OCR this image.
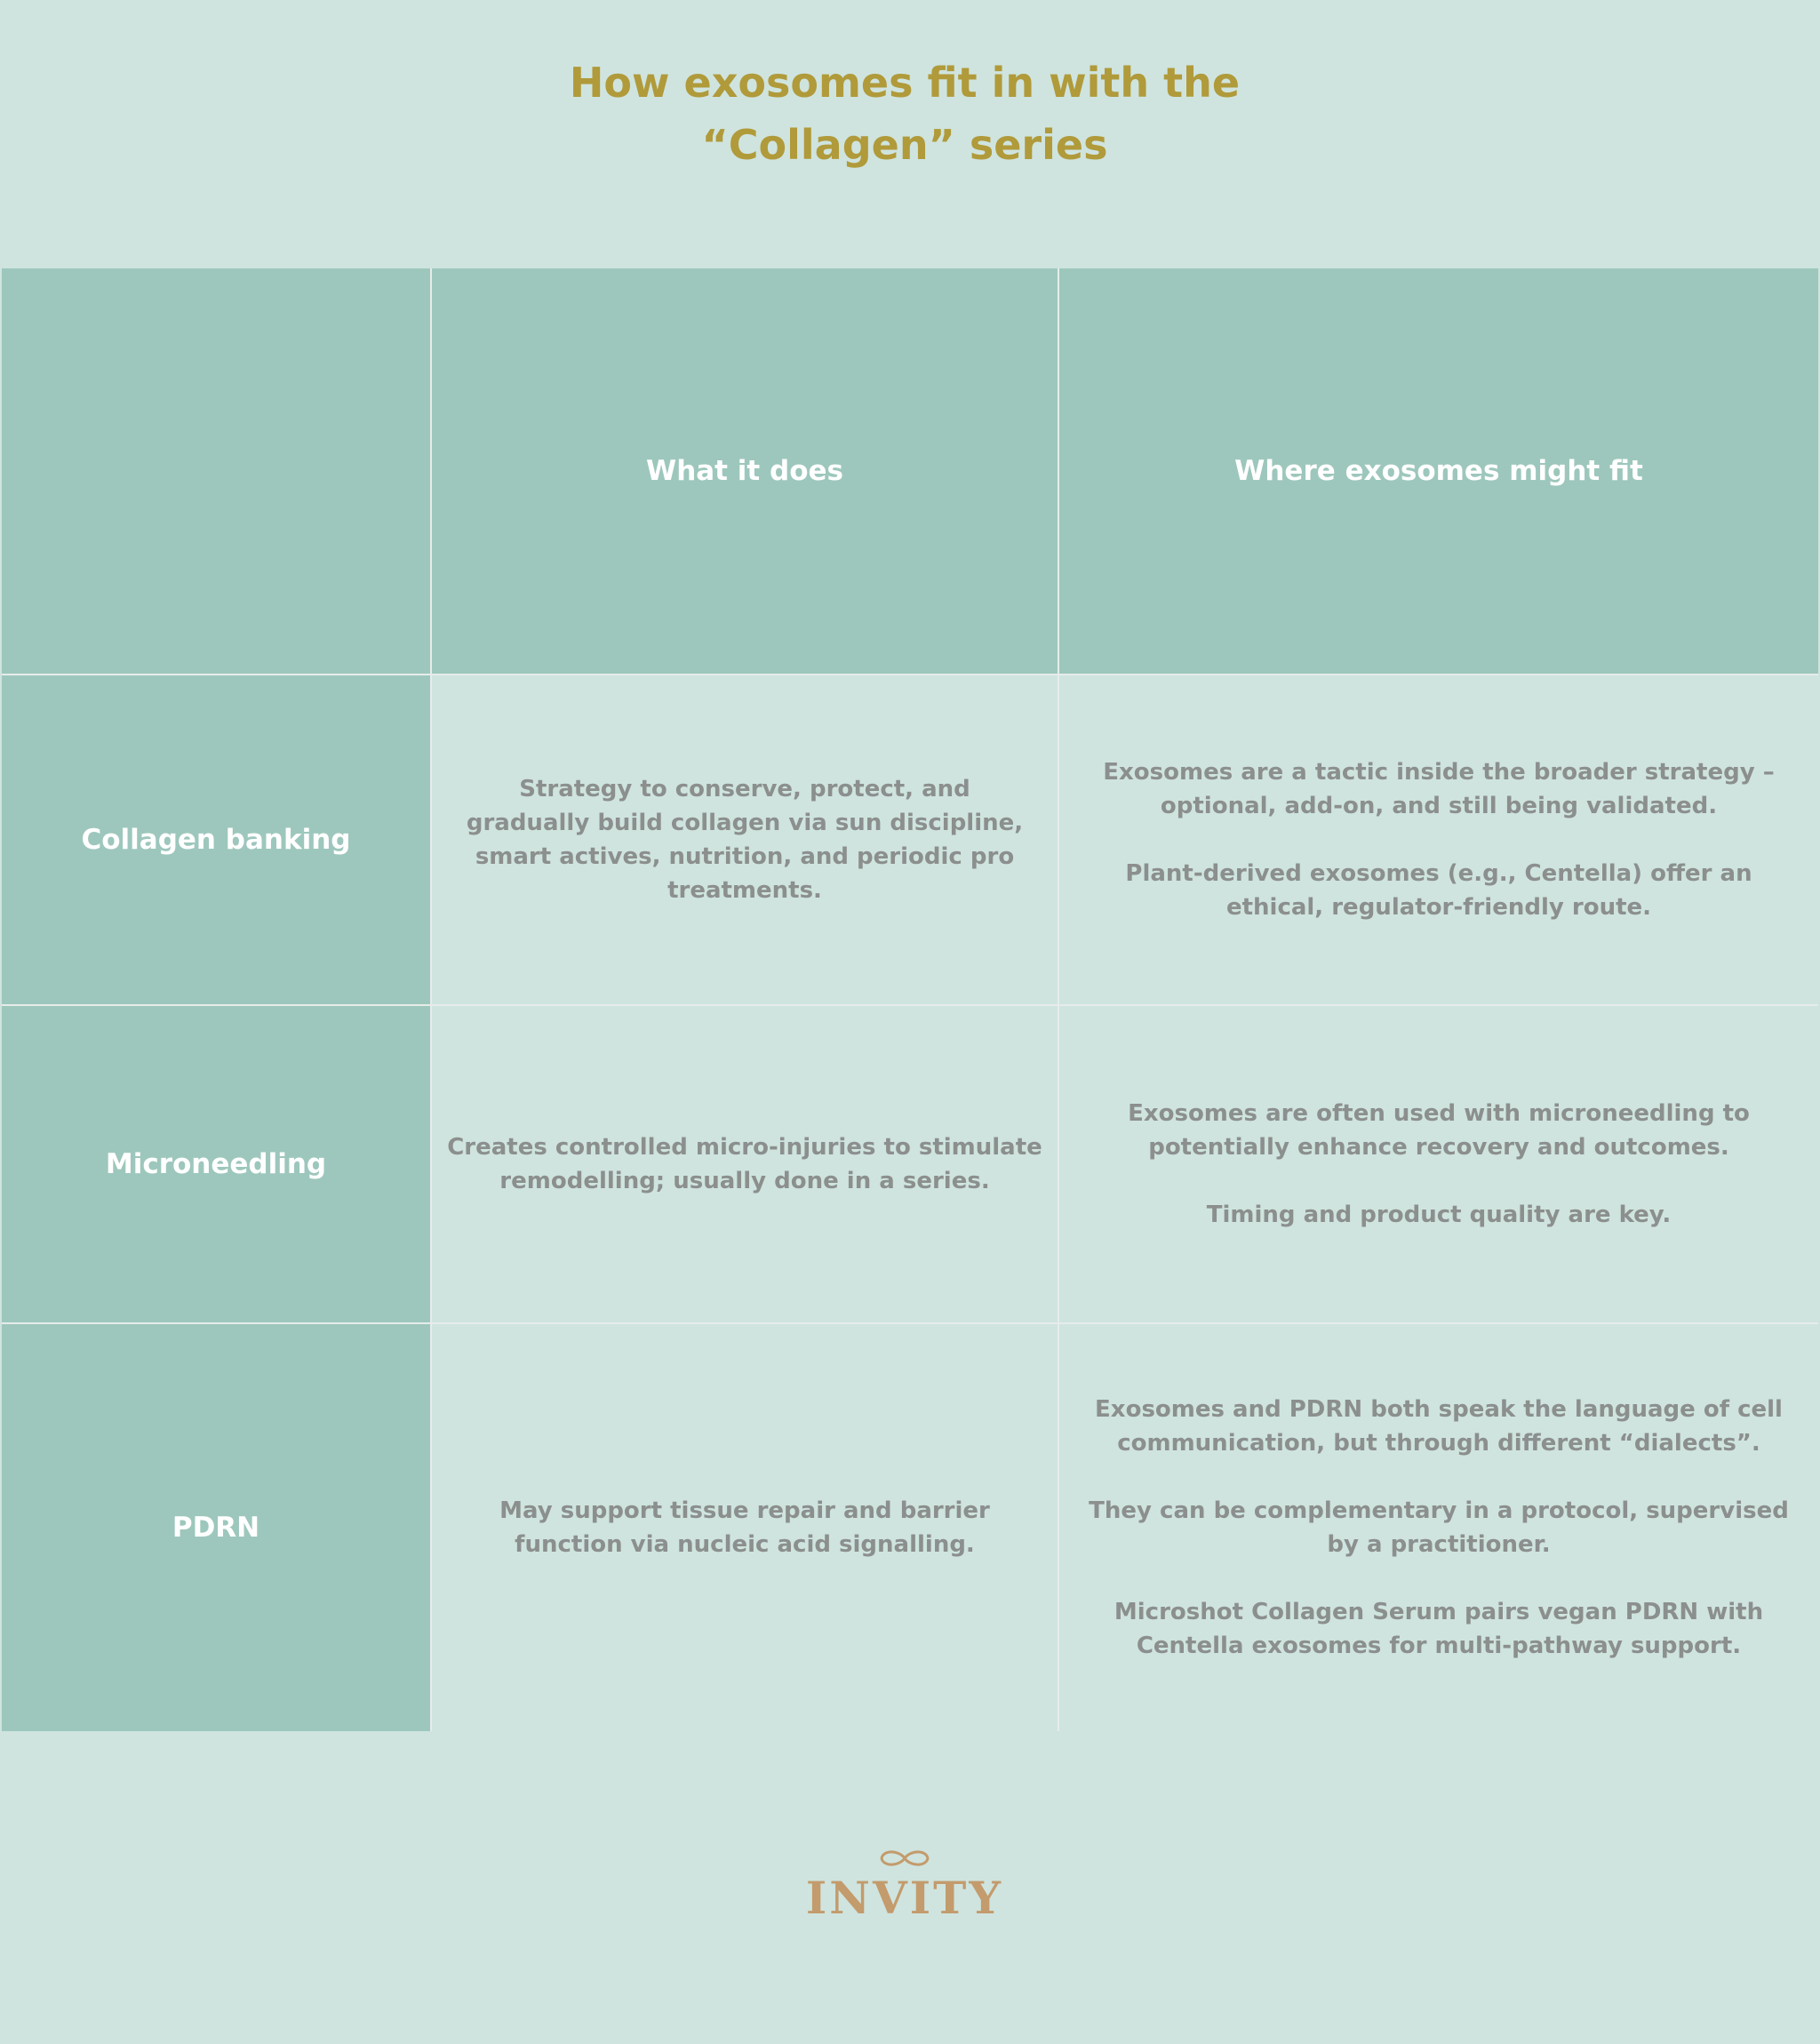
How exosomes fit in with the
“Collagen” series
What it does	Where exosomes might fit
Collagen banking

Strategy to conserve, protect, and gradually build collagen via sun discipline, smart actives, nutrition, and periodic pro treatments.

Exosomes are a tactic inside the broader strategy – optional, add-on, and still being validated.

Plant-derived exosomes (e.g., Centella) offer an ethical, regulator-friendly route.

Microneedling

Creates controlled micro-injuries to stimulate remodelling; usually done in a series.

Exosomes are often used with microneedling to potentially enhance recovery and outcomes.

Timing and product quality are key.

PDRN

May support tissue repair and barrier function via nucleic acid signalling.

Exosomes and PDRN both speak the language of cell communication, but through different “dialects”.

They can be complementary in a protocol, supervised by a practitioner.

Microshot Collagen Serum pairs vegan PDRN with Centella exosomes for multi-pathway support.

INVITY
